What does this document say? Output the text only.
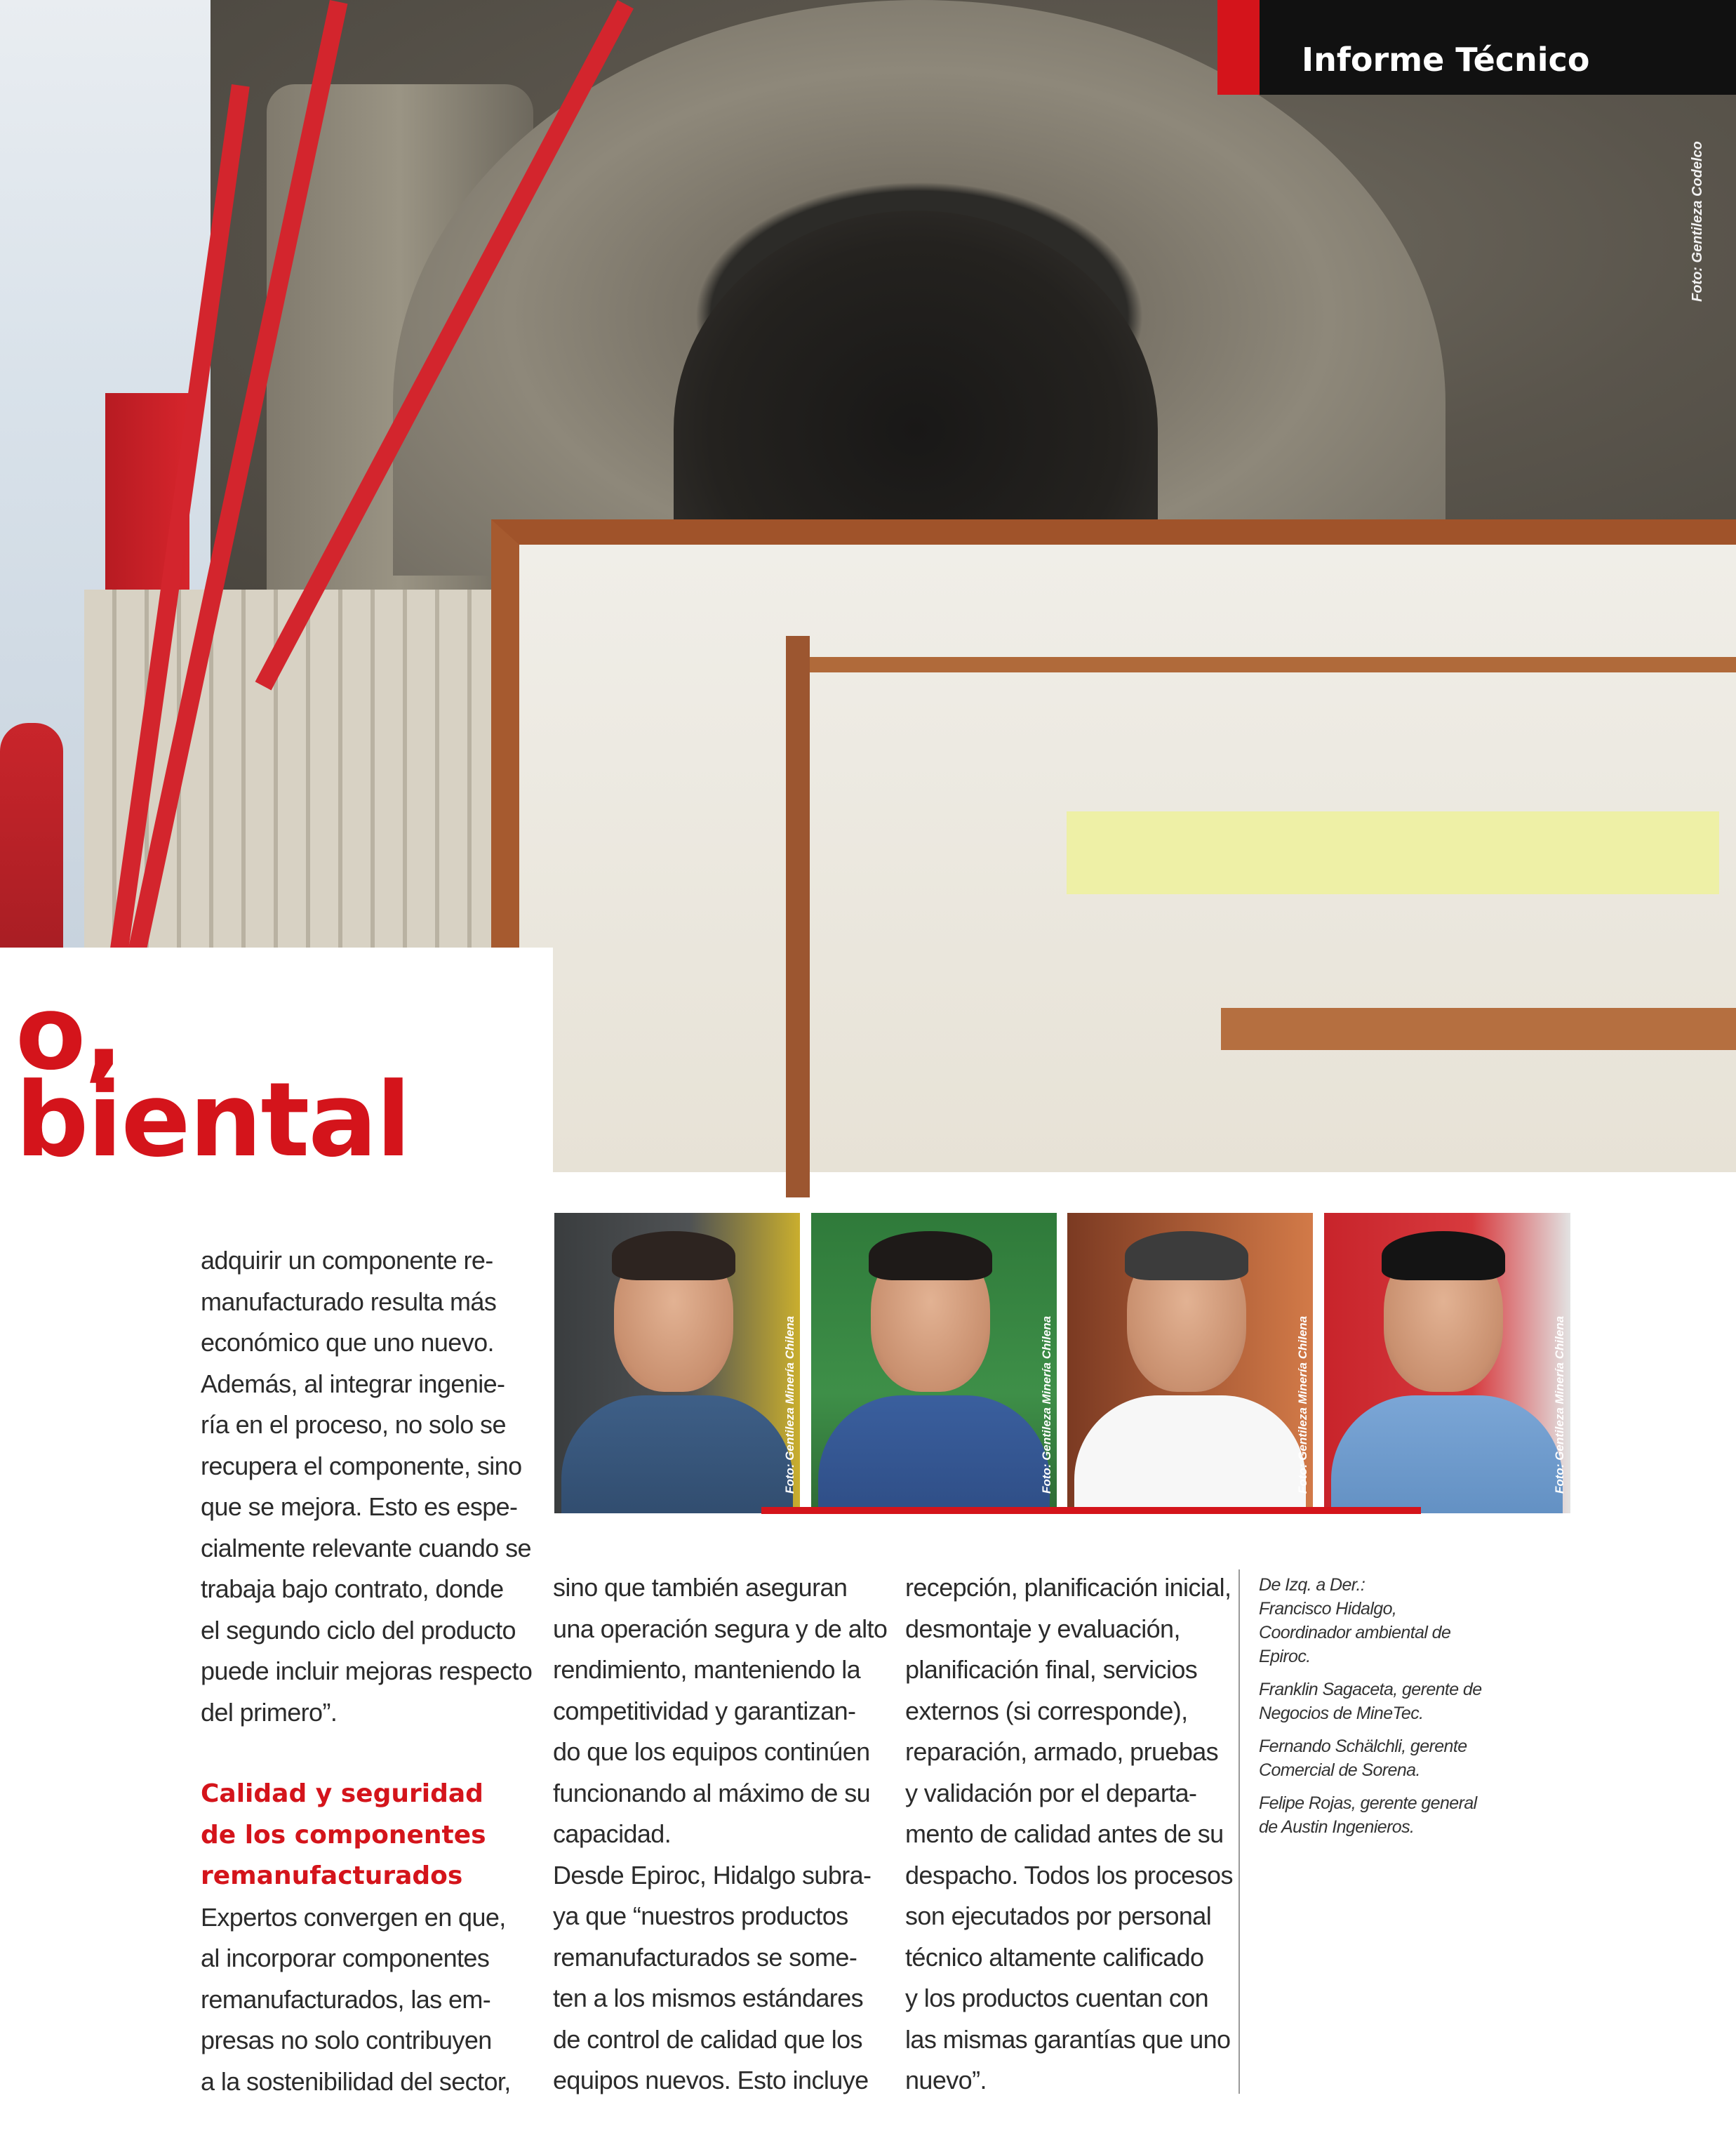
Foto: Gentileza Codelco
o,
biental
Informe Técnico
Foto: Gentileza Minería Chilena	Foto: Gentileza Minería Chilena	Foto: Gentileza Minería Chilena	Foto: Gentileza Minería Chilena
adquirir un componente re-
manufacturado resulta más
económico que uno nuevo.
Además, al integrar ingenie-
ría en el proceso, no solo se
recupera el componente, sino
que se mejora. Esto es espe-
cialmente relevante cuando se
trabaja bajo contrato, donde
el segundo ciclo del producto
puede incluir mejoras respecto
del primero”.
Calidad y seguridad
de los componentes
remanufacturados
Expertos convergen en que,
al incorporar componentes
remanufacturados, las em-
presas no solo contribuyen
a la sostenibilidad del sector,
sino que también aseguran
una operación segura y de alto
rendimiento, manteniendo la
competitividad y garantizan-
do que los equipos continúen
funcionando al máximo de su
capacidad.
Desde Epiroc, Hidalgo subra-
ya que “nuestros productos
remanufacturados se some-
ten a los mismos estándares
de control de calidad que los
equipos nuevos. Esto incluye
recepción, planificación inicial,
desmontaje y evaluación,
planificación final, servicios
externos (si corresponde),
reparación, armado, pruebas
y validación por el departa-
mento de calidad antes de su
despacho. Todos los procesos
son ejecutados por personal
técnico altamente calificado
y los productos cuentan con
las mismas garantías que uno
nuevo”.

De Izq. a Der.:

Francisco Hidalgo, Coordinador ambiental de Epiroc.

Franklin Sagaceta, gerente de Negocios de MineTec.

Fernando Schälchli, gerente Comercial de Sorena.

Felipe Rojas, gerente general de Austin Ingenieros.
